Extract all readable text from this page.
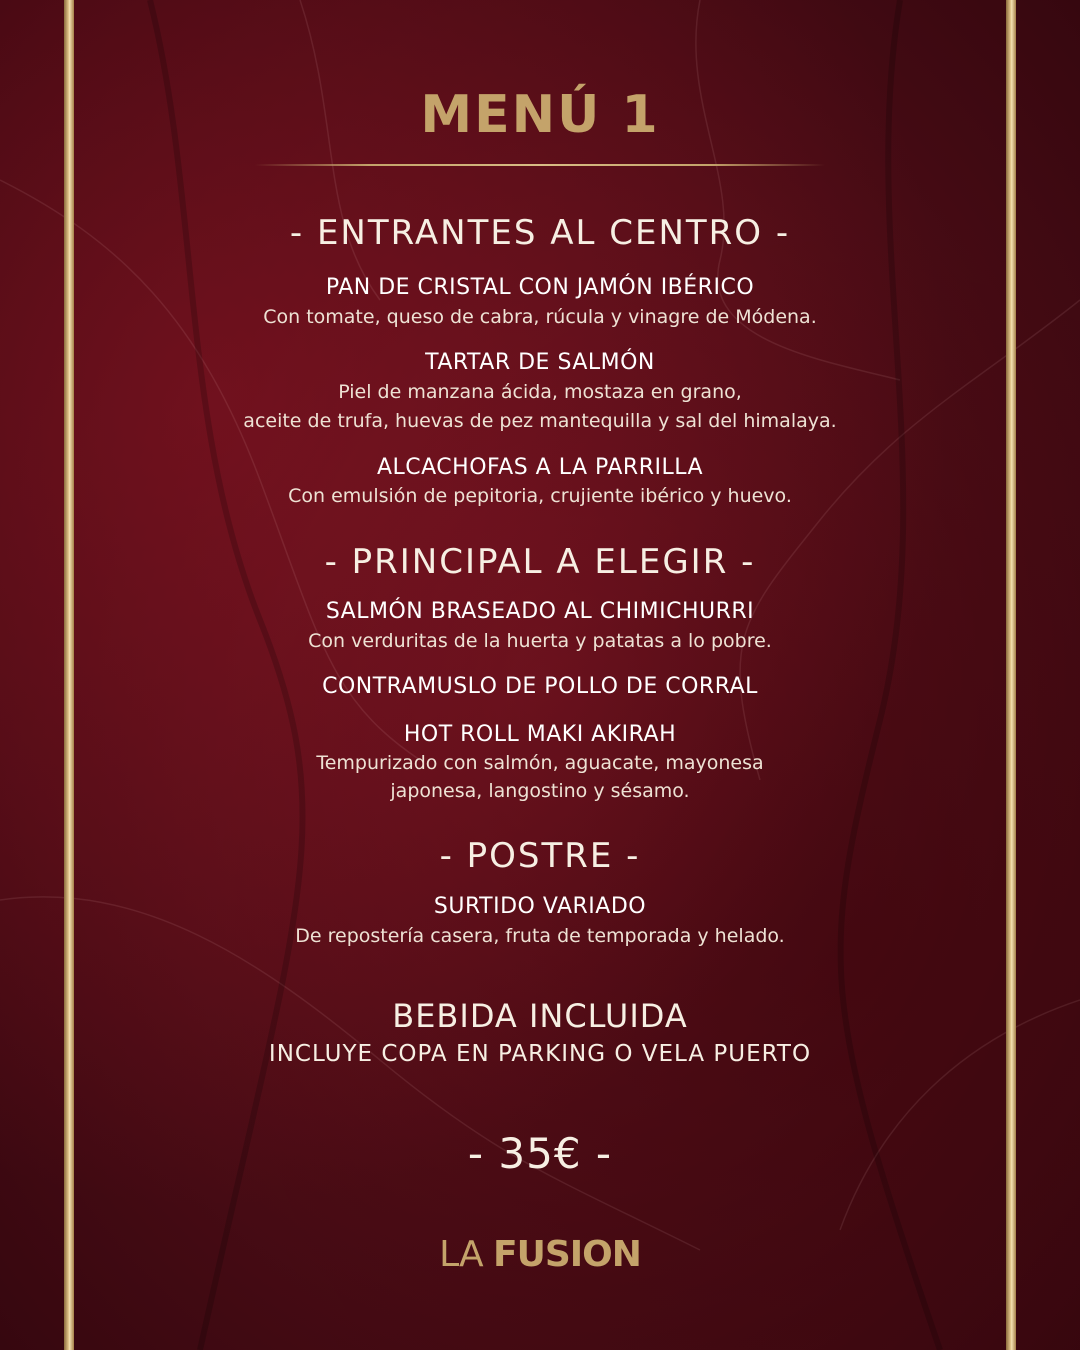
MENÚ 1
- ENTRANTES AL CENTRO -
PAN DE CRISTAL CON JAMÓN IBÉRICO
Con tomate, queso de cabra, rúcula y vinagre de Módena.
TARTAR DE SALMÓN
Piel de manzana ácida, mostaza en grano,
aceite de trufa, huevas de pez mantequilla y sal del himalaya.
ALCACHOFAS A LA PARRILLA
Con emulsión de pepitoria, crujiente ibérico y huevo.
- PRINCIPAL A ELEGIR -
SALMÓN BRASEADO AL CHIMICHURRI
Con verduritas de la huerta y patatas a lo pobre.
CONTRAMUSLO DE POLLO DE CORRAL
HOT ROLL MAKI AKIRAH
Tempurizado con salmón, aguacate, mayonesa
japonesa, langostino y sésamo.
- POSTRE -
SURTIDO VARIADO
De repostería casera, fruta de temporada y helado.
BEBIDA INCLUIDA
INCLUYE COPA EN PARKING O VELA PUERTO
- 35€ -
LA FUSION
